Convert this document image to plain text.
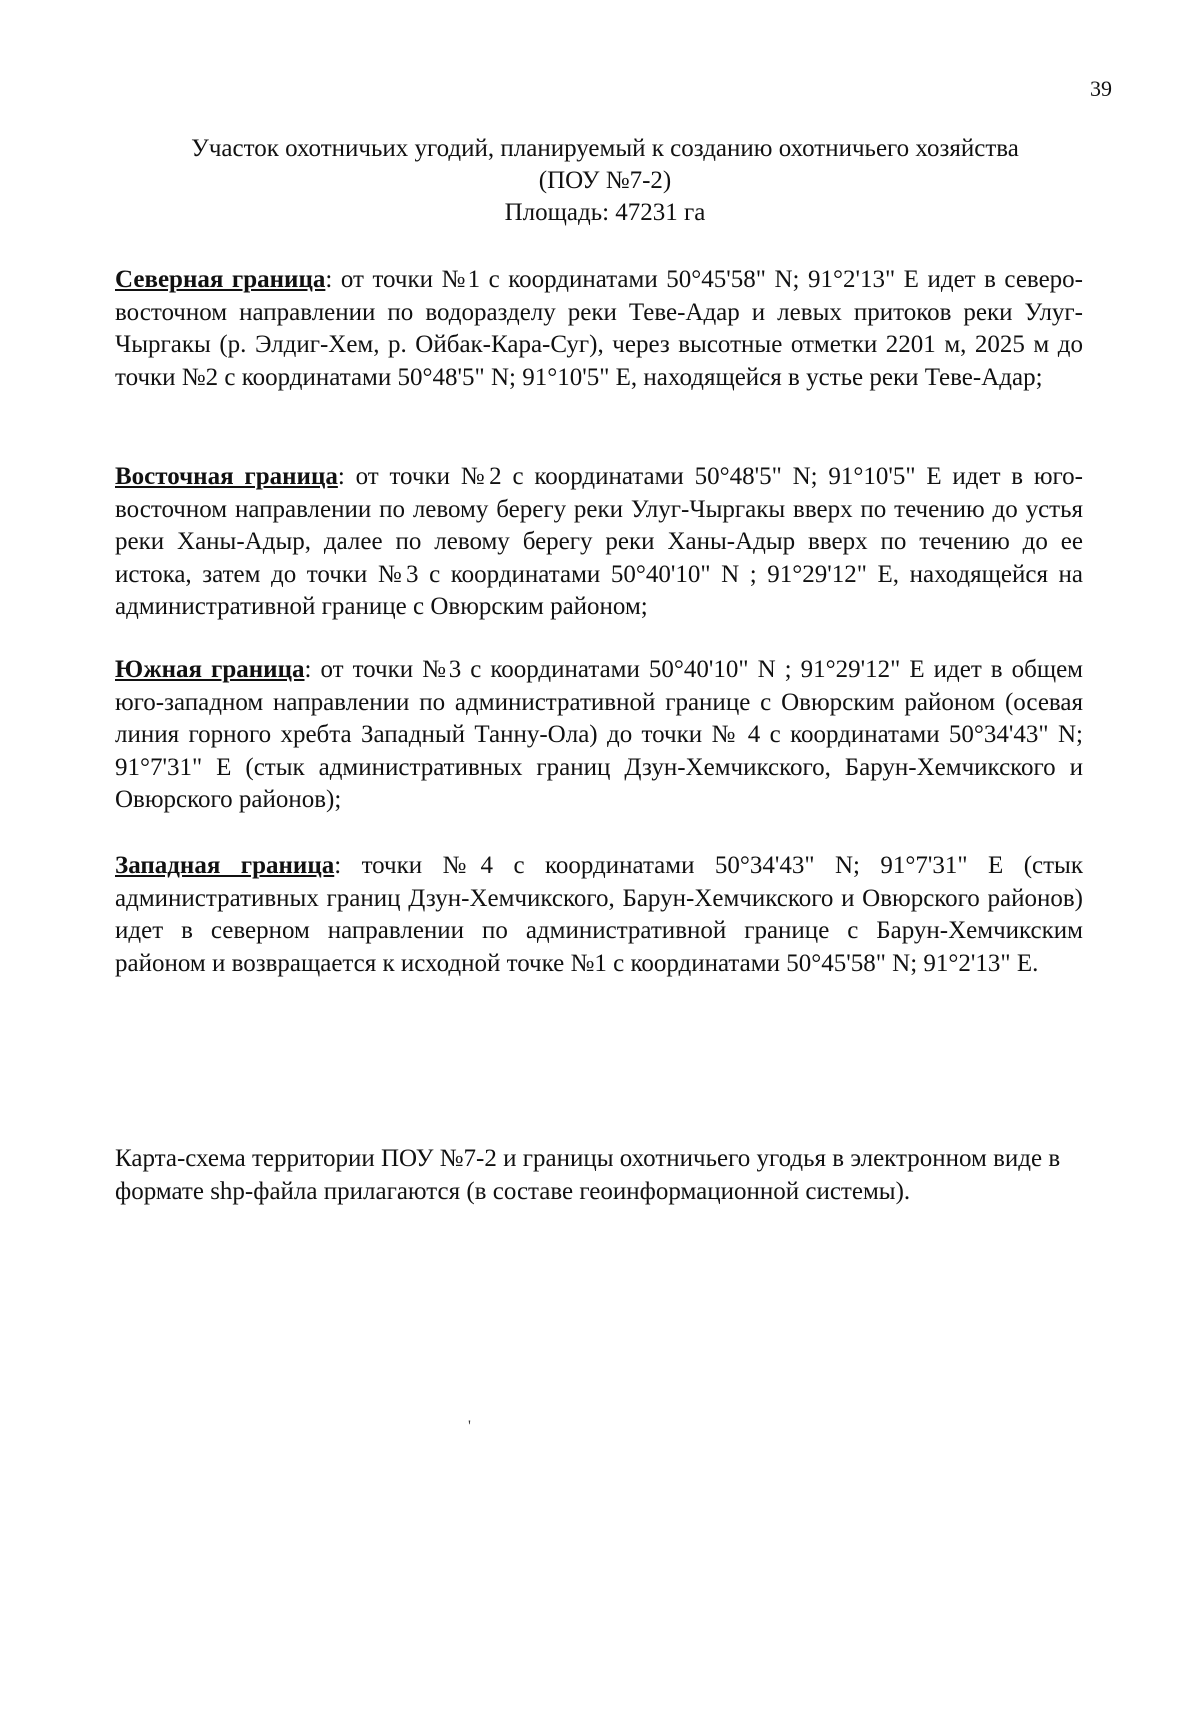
39
Участок охотничьих угодий, планируемый к созданию охотничьего хозяйства
(ПОУ №7-2)
Площадь: 47231 га
Северная граница: от точки №1 с координатами 50°45'58" N; 91°2'13" E идет в северо-восточном направлении по водоразделу реки Теве-Адар и левых притоков реки Улуг-Чыргакы (р. Элдиг-Хем, р. Ойбак-Кара-Суг), через высотные отметки 2201 м, 2025 м до точки №2 с координатами 50°48'5" N; 91°10'5" E, находящейся в устье реки Теве-Адар;
Восточная граница: от точки №2 с координатами 50°48'5" N; 91°10'5" E идет в юго-восточном направлении по левому берегу реки Улуг-Чыргакы вверх по течению до устья реки Ханы-Адыр, далее по левому берегу реки Ханы-Адыр вверх по течению до ее истока, затем до точки №3 с координатами 50°40'10" N ; 91°29'12" E, находящейся на административной границе с Овюрским районом;
Южная граница: от точки №3 с координатами 50°40'10" N ; 91°29'12" E идет в общем юго-западном направлении по административной границе с Овюрским районом (осевая линия горного хребта Западный Танну-Ола) до точки № 4 с координатами 50°34'43" N; 91°7'31" E (стык административных границ Дзун-Хемчикского, Барун-Хемчикского и Овюрского районов);
Западная граница: точки №4 с координатами 50°34'43" N; 91°7'31" E (стык административных границ Дзун-Хемчикского, Барун-Хемчикского и Овюрского районов) идет в северном направлении по административной границе с Барун-Хемчикским районом и возвращается к исходной точке №1 с координатами 50°45'58" N; 91°2'13" E.
Карта-схема территории ПОУ №7-2 и границы охотничьего угодья в электронном виде в формате shp-файла прилагаются (в составе геоинформационной системы).
'
